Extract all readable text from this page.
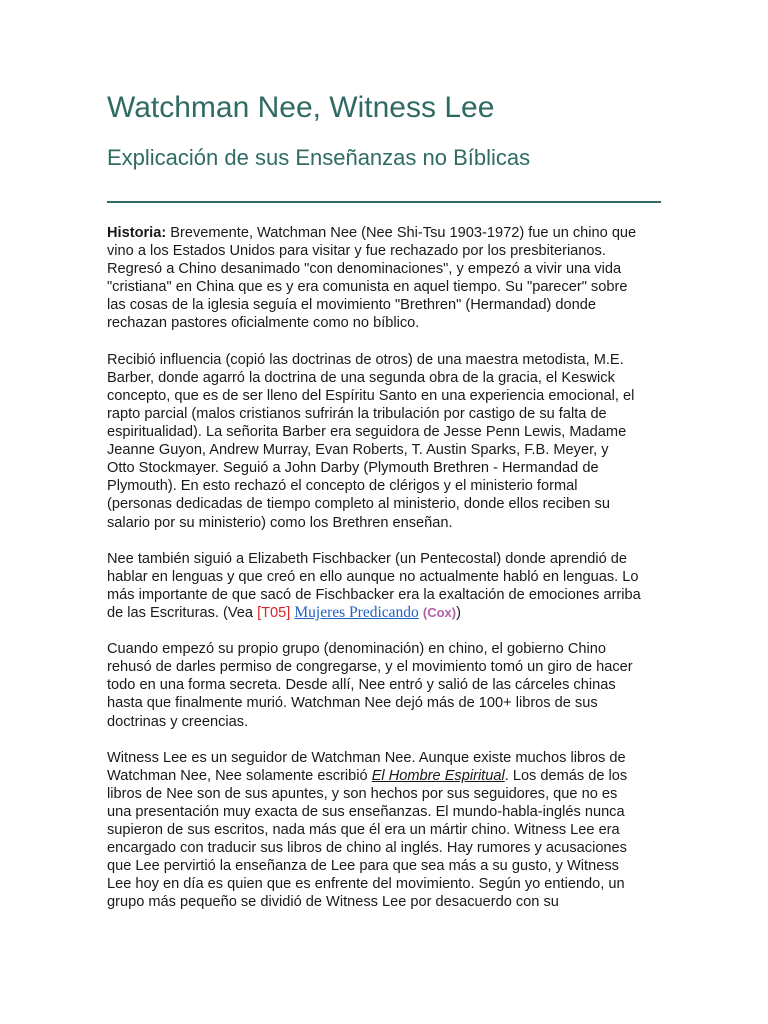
Watchman Nee, Witness Lee
Explicación de sus Enseñanzas no Bíblicas
Historia: Brevemente, Watchman Nee (Nee Shi-Tsu 1903-1972) fue un chino que
vino a los Estados Unidos para visitar y fue rechazado por los presbiterianos.
Regresó a Chino desanimado "con denominaciones", y empezó a vivir una vida
"cristiana" en China que es y era comunista en aquel tiempo. Su "parecer" sobre
las cosas de la iglesia seguía el movimiento "Brethren" (Hermandad) donde
rechazan pastores oficialmente como no bíblico.
Recibió influencia (copió las doctrinas de otros) de una maestra metodista, M.E.
Barber, donde agarró la doctrina de una segunda obra de la gracia, el Keswick
concepto, que es de ser lleno del Espíritu Santo en una experiencia emocional, el
rapto parcial (malos cristianos sufrirán la tribulación por castigo de su falta de
espiritualidad). La señorita Barber era seguidora de Jesse Penn Lewis, Madame
Jeanne Guyon, Andrew Murray, Evan Roberts, T. Austin Sparks, F.B. Meyer, y
Otto Stockmayer. Seguió a John Darby (Plymouth Brethren - Hermandad de
Plymouth). En esto rechazó el concepto de clérigos y el ministerio formal
(personas dedicadas de tiempo completo al ministerio, donde ellos reciben su
salario por su ministerio) como los Brethren enseñan.
Nee también siguió a Elizabeth Fischbacker (un Pentecostal) donde aprendió de
hablar en lenguas y que creó en ello aunque no actualmente habló en lenguas. Lo
más importante de que sacó de Fischbacker era la exaltación de emociones arriba
de las Escrituras. (Vea [T05] Mujeres Predicando (Cox))
Cuando empezó su propio grupo (denominación) en chino, el gobierno Chino
rehusó de darles permiso de congregarse, y el movimiento tomó un giro de hacer
todo en una forma secreta. Desde allí, Nee entró y salió de las cárceles chinas
hasta que finalmente murió. Watchman Nee dejó más de 100+ libros de sus
doctrinas y creencias.
Witness Lee es un seguidor de Watchman Nee. Aunque existe muchos libros de
Watchman Nee, Nee solamente escribió El Hombre Espiritual. Los demás de los
libros de Nee son de sus apuntes, y son hechos por sus seguidores, que no es
una presentación muy exacta de sus enseñanzas. El mundo-habla-inglés nunca
supieron de sus escritos, nada más que él era un mártir chino. Witness Lee era
encargado con traducir sus libros de chino al inglés. Hay rumores y acusaciones
que Lee pervirtió la enseñanza de Lee para que sea más a su gusto, y Witness
Lee hoy en día es quien que es enfrente del movimiento. Según yo entiendo, un
grupo más pequeño se dividió de Witness Lee por desacuerdo con su
